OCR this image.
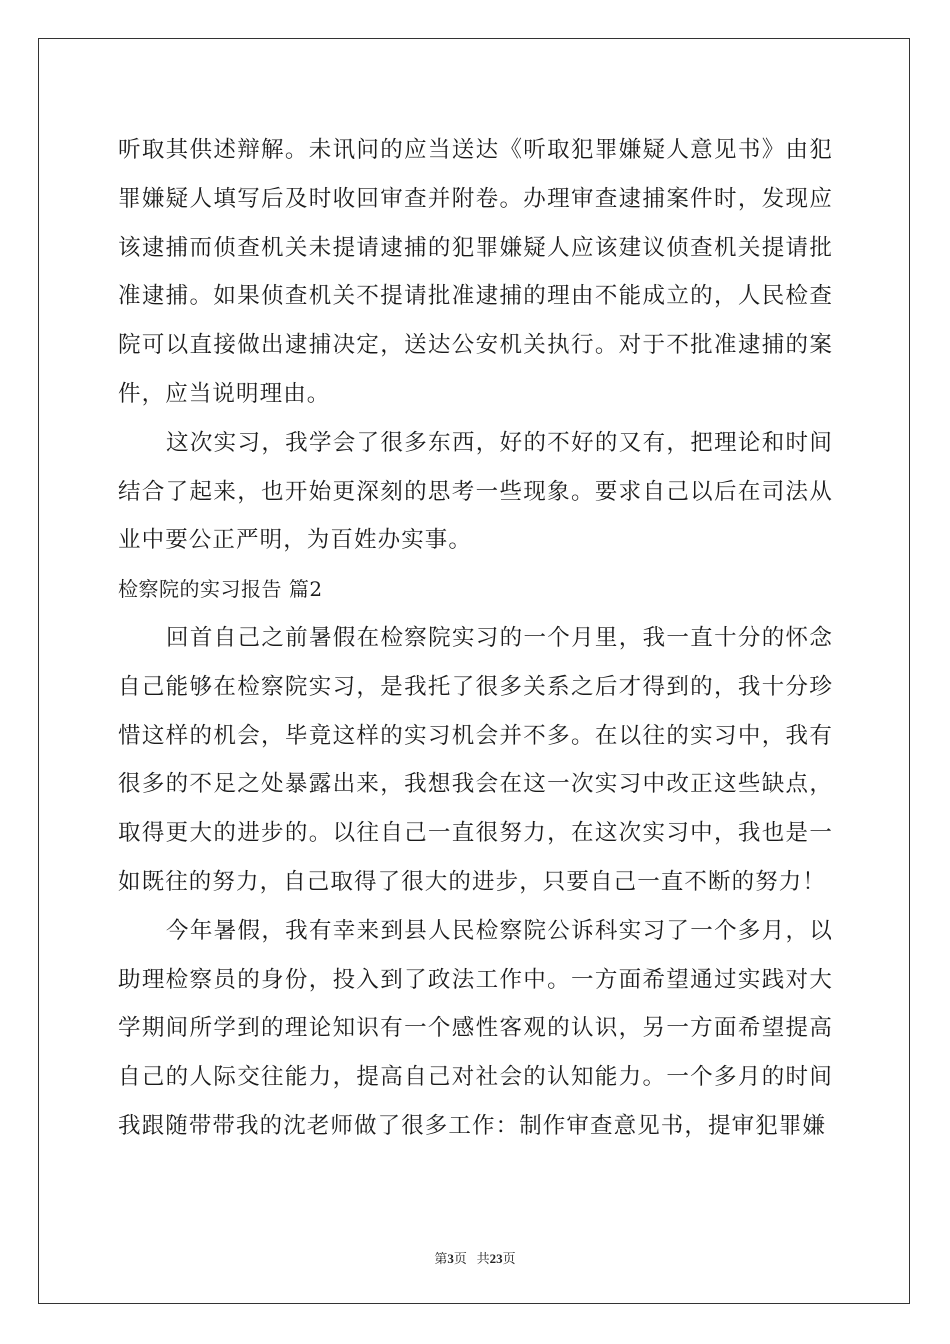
听取其供述辩解。未讯问的应当送达《听取犯罪嫌疑人意见书》由犯罪嫌疑人填写后及时收回审查并附卷。办理审查逮捕案件时，发现应该逮捕而侦查机关未提请逮捕的犯罪嫌疑人应该建议侦查机关提请批准逮捕。如果侦查机关不提请批准逮捕的理由不能成立的，人民检查院可以直接做出逮捕决定，送达公安机关执行。对于不批准逮捕的案件，应当说明理由。

这次实习，我学会了很多东西，好的不好的又有，把理论和时间结合了起来，也开始更深刻的思考一些现象。要求自己以后在司法从业中要公正严明，为百姓办实事。

检察院的实习报告 篇2

回首自己之前暑假在检察院实习的一个月里，我一直十分的怀念自己能够在检察院实习，是我托了很多关系之后才得到的，我十分珍惜这样的机会，毕竟这样的实习机会并不多。在以往的实习中，我有很多的不足之处暴露出来，我想我会在这一次实习中改正这些缺点，取得更大的进步的。以往自己一直很努力，在这次实习中，我也是一如既往的努力，自己取得了很大的进步，只要自己一直不断的努力！

今年暑假，我有幸来到县人民检察院公诉科实习了一个多月，以助理检察员的身份，投入到了政法工作中。一方面希望通过实践对大学期间所学到的理论知识有一个感性客观的认识，另一方面希望提高自己的人际交往能力，提高自己对社会的认知能力。一个多月的时间我跟随带带我的沈老师做了很多工作：制作审查意见书，提审犯罪嫌

第3页 共23页
